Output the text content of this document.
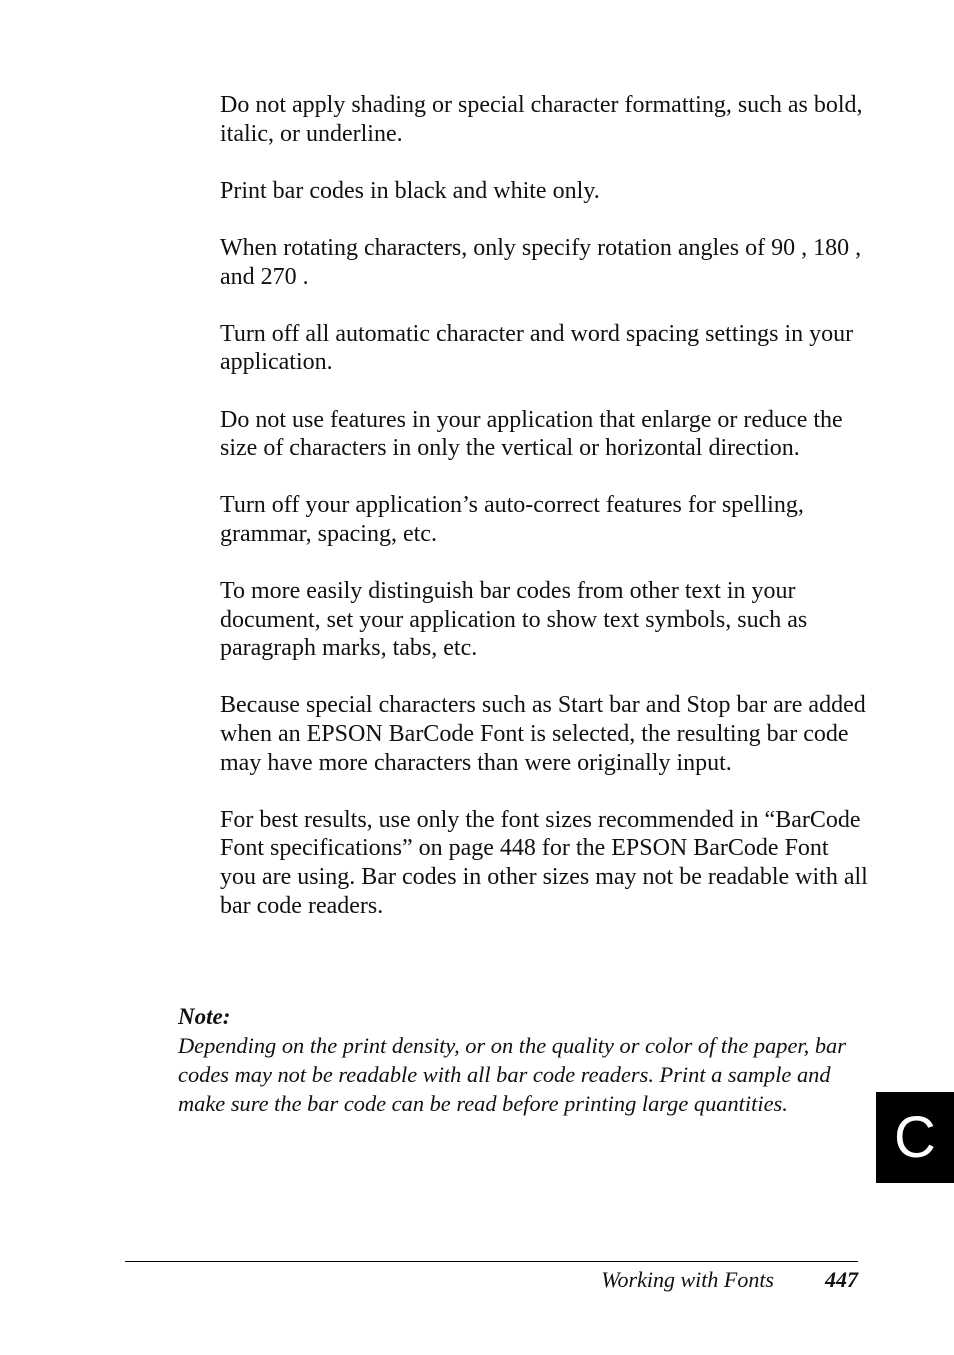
Do not apply shading or special character formatting, such as bold, italic, or underline.
Print bar codes in black and white only.
When rotating characters, only specify rotation angles of 90 , 180 , and 270 .
Turn off all automatic character and word spacing settings in your application.
Do not use features in your application that enlarge or reduce the size of characters in only the vertical or horizontal direction.
Turn off your application’s auto-correct features for spelling, grammar, spacing, etc.
To more easily distinguish bar codes from other text in your document, set your application to show text symbols, such as paragraph marks, tabs, etc.
Because special characters such as Start bar and Stop bar are added when an EPSON BarCode Font is selected, the resulting bar code may have more characters than were originally input.
For best results, use only the font sizes recommended in “BarCode Font specifications” on page 448 for the EPSON BarCode Font you are using. Bar codes in other sizes may not be readable with all bar code readers.

Note:

Depending on the print density, or on the quality or color of the paper, bar codes may not be readable with all bar code readers. Print a sample and make sure the bar code can be read before printing large quantities.

C
Working with Fonts 447
